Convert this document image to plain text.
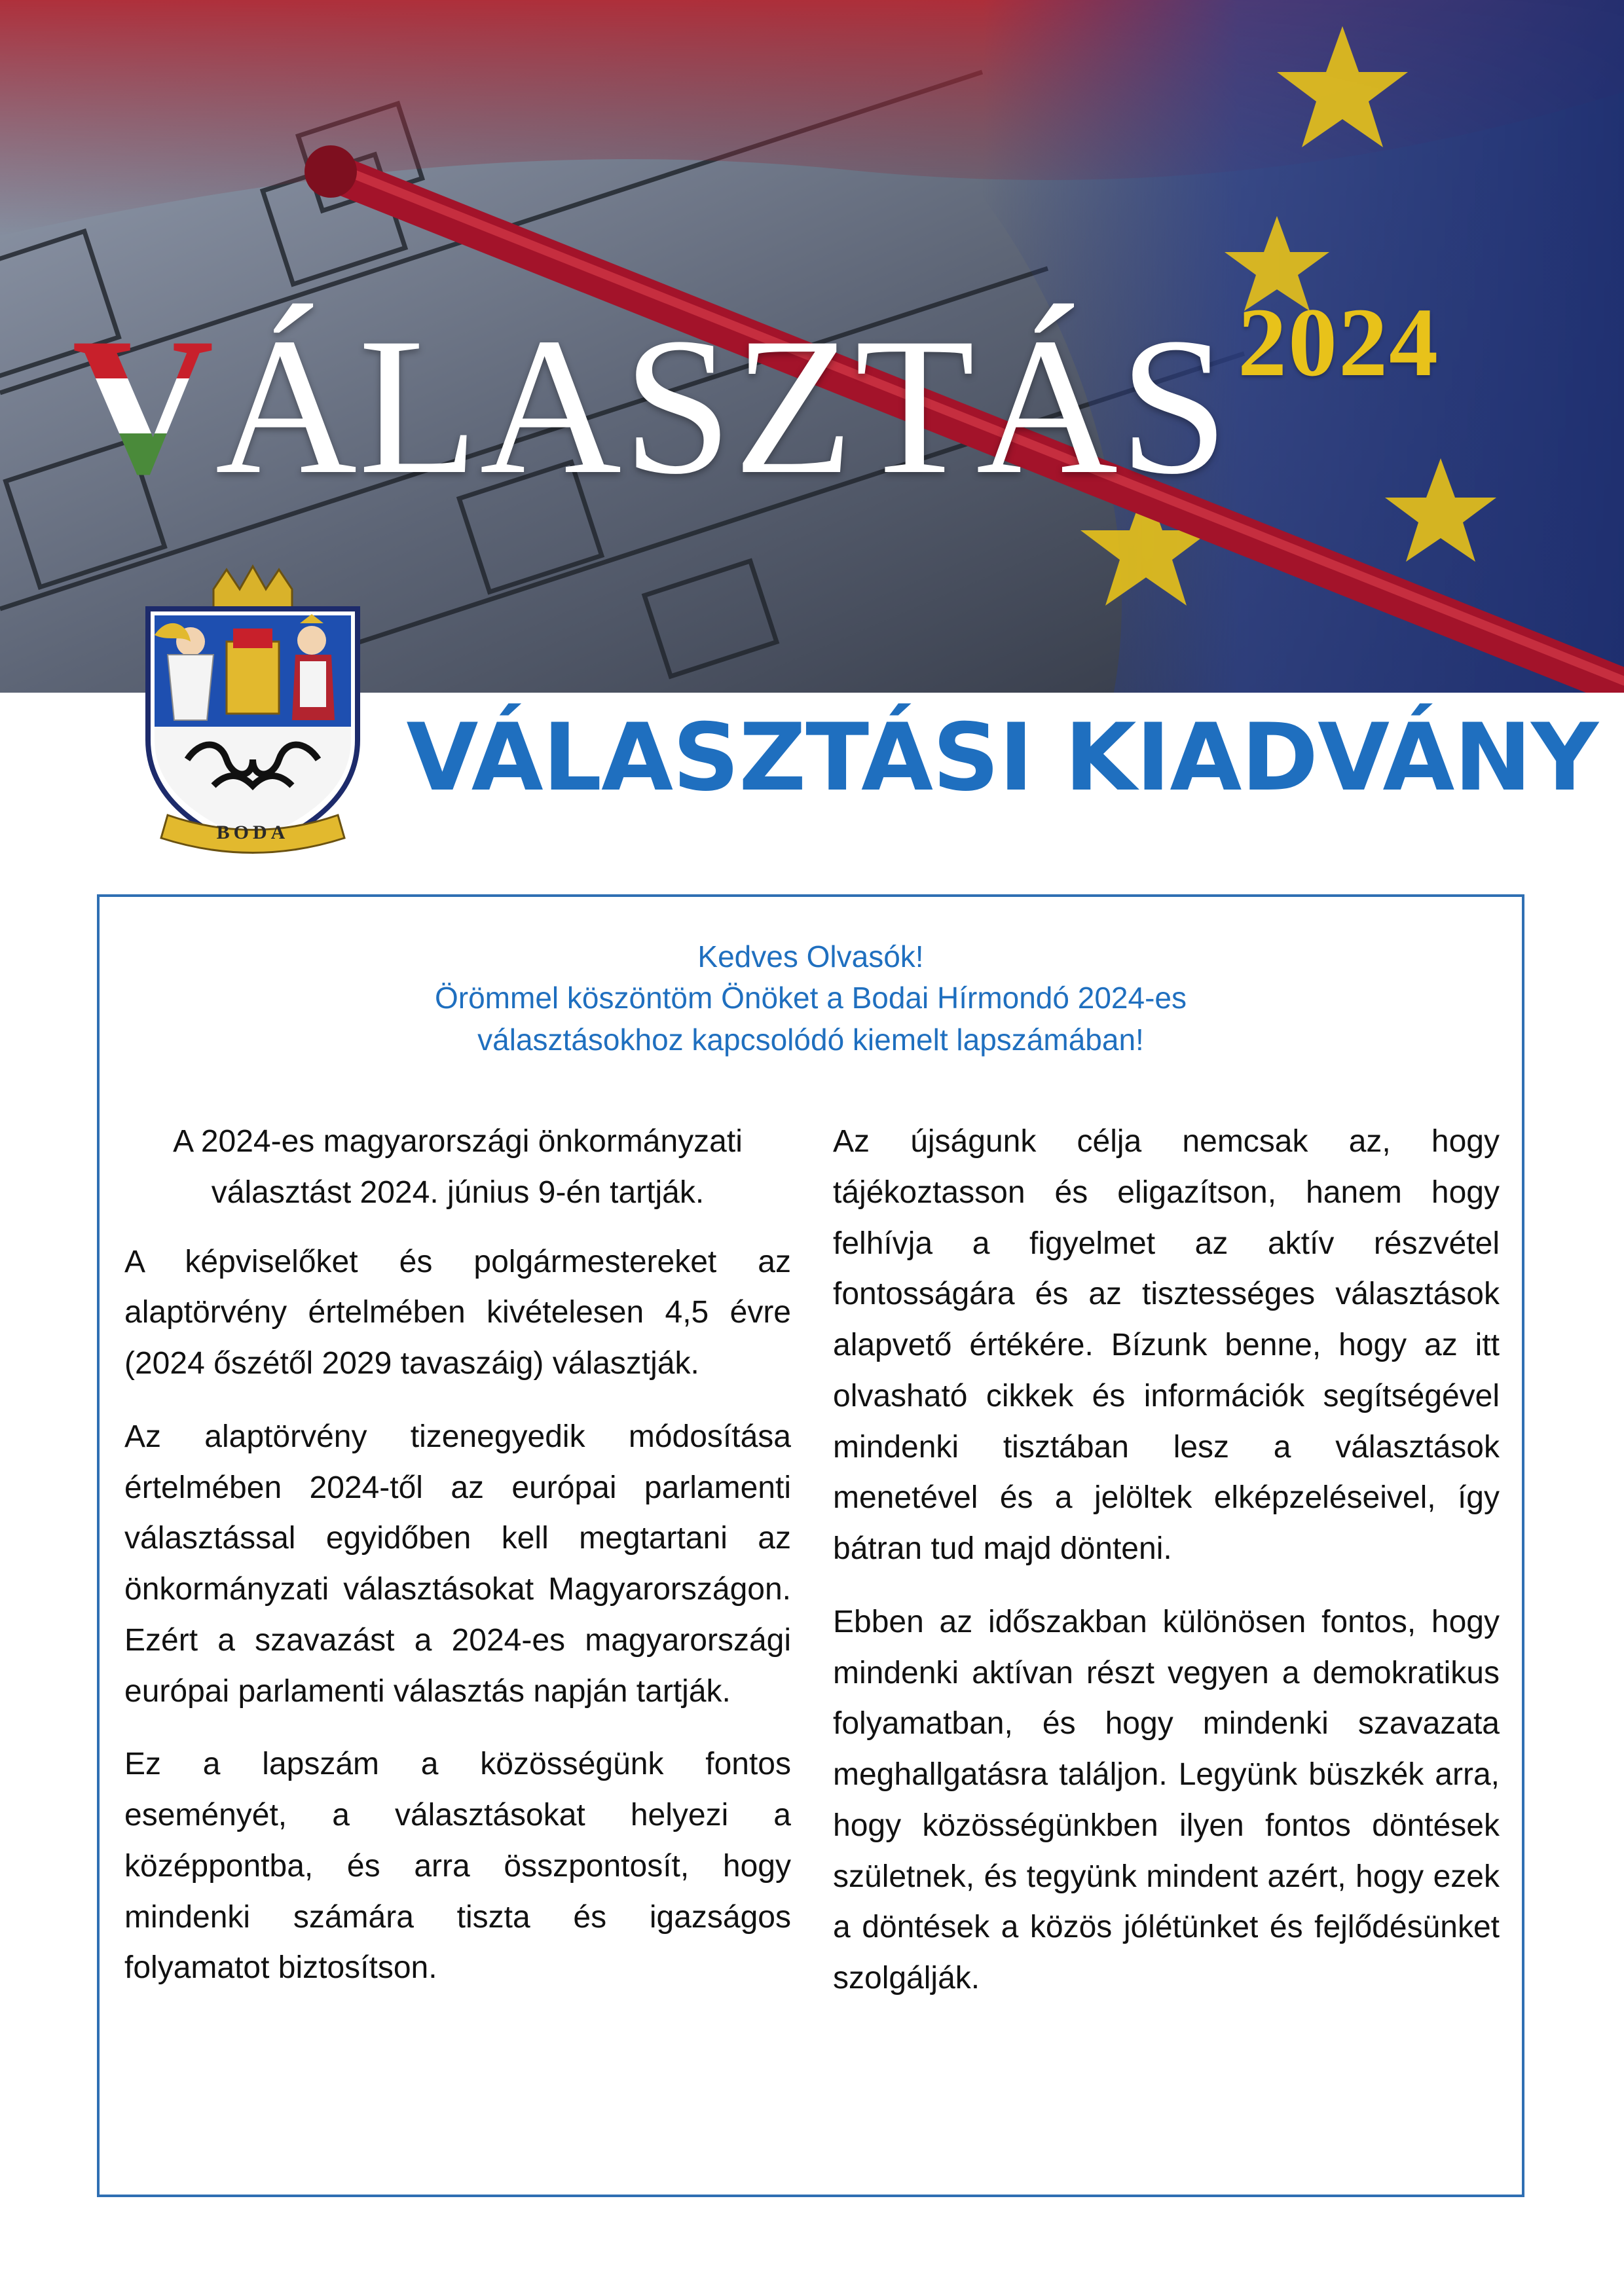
V ÁLASZTÁS 2024
BODA
VÁLASZTÁSI KIADVÁNY
Kedves Olvasók!
Örömmel köszöntöm Önöket a Bodai Hírmondó 2024-es
választásokhoz kapcsolódó kiemelt lapszámában!

A 2024-es magyarországi önkormányzati választást 2024. június 9-én tartják.

A képviselőket és polgármestereket az alaptörvény értelmében kivételesen 4,5 évre (2024 őszétől 2029 tavaszáig) választják.

Az alaptörvény tizenegyedik módosítása értelmében 2024-től az európai parlamenti választással egyidőben kell megtartani az önkormányzati választásokat Magyarországon. Ezért a szavazást a 2024-es magyarországi európai parlamenti választás napján tartják.

Ez a lapszám a közösségünk fontos eseményét, a választásokat helyezi a középpontba, és arra összpontosít, hogy mindenki számára tiszta és igazságos folyamatot biztosítson.

Az újságunk célja nemcsak az, hogy tájékoztasson és eligazítson, hanem hogy felhívja a figyelmet az aktív részvétel fontosságára és az tisztességes választások alapvető értékére. Bízunk benne, hogy az itt olvasható cikkek és információk segítségével mindenki tisztában lesz a választások menetével és a jelöltek elképzeléseivel, így bátran tud majd dönteni.

Ebben az időszakban különösen fontos, hogy mindenki aktívan részt vegyen a demokratikus folyamatban, és hogy mindenki szavazata meghallgatásra találjon. Legyünk büszkék arra, hogy közösségünkben ilyen fontos döntések születnek, és tegyünk mindent azért, hogy ezek a döntések a közös jólétünket és fejlődésünket szolgálják.
